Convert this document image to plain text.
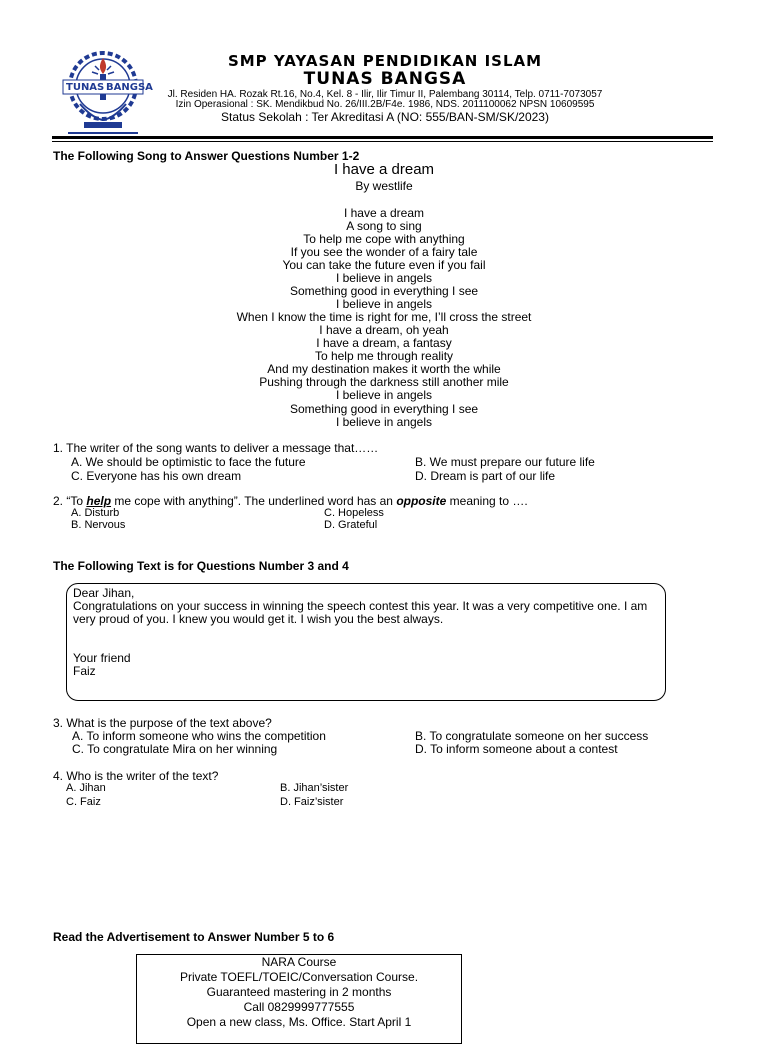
TUNAS BANGSA
SMP YAYASAN PENDIDIKAN ISLAM
TUNAS BANGSA
Jl. Residen HA. Rozak Rt.16, No.4, Kel. 8 - Ilir, Ilir Timur II, Palembang 30114, Telp. 0711-7073057
Izin Operasional : SK. Mendikbud No. 26/III.2B/F4e. 1986, NDS. 2011100062 NPSN 10609595
Status Sekolah : Ter Akreditasi A (NO: 555/BAN-SM/SK/2023)
The Following Song to Answer Questions Number 1-2
I have a dream
By westlife
I have a dream
A song to sing
To help me cope with anything
If you see the wonder of a fairy tale
You can take the future even if you fail
I believe in angels
Something good in everything I see
I believe in angels
When I know the time is right for me, I’ll cross the street
I have a dream, oh yeah
I have a dream, a fantasy
To help me through reality
And my destination makes it worth the while
Pushing through the darkness still another mile
I believe in angels
Something good in everything I see
I believe in angels
1. The writer of the song wants to deliver a message that……
A. We should be optimistic to face the future	B. We must prepare our future life
C. Everyone has his own dream	D. Dream is part of our life
2. “To help me cope with anything”. The underlined word has an opposite meaning to ….
A. Disturb	C. Hopeless
B. Nervous	D. Grateful
The Following Text is for Questions Number 3 and 4
Dear Jihan,
Congratulations on your success in winning the speech contest this year. It was a very competitive one. I am very proud of you. I knew you would get it. I wish you the best always.
Your friend
Faiz
3. What is the purpose of the text above?
A. To inform someone who wins the competition	B. To congratulate someone on her success
C. To congratulate Mira on her winning	D. To inform someone about a contest
4. Who is the writer of the text?
A. Jihan	B. Jihan’sister
C. Faiz	D. Faiz’sister
Read the Advertisement to Answer Number 5 to 6
NARA Course
Private TOEFL/TOEIC/Conversation Course.
Guaranteed mastering in 2 months
Call 0829999777555
Open a new class, Ms. Office. Start April 1
